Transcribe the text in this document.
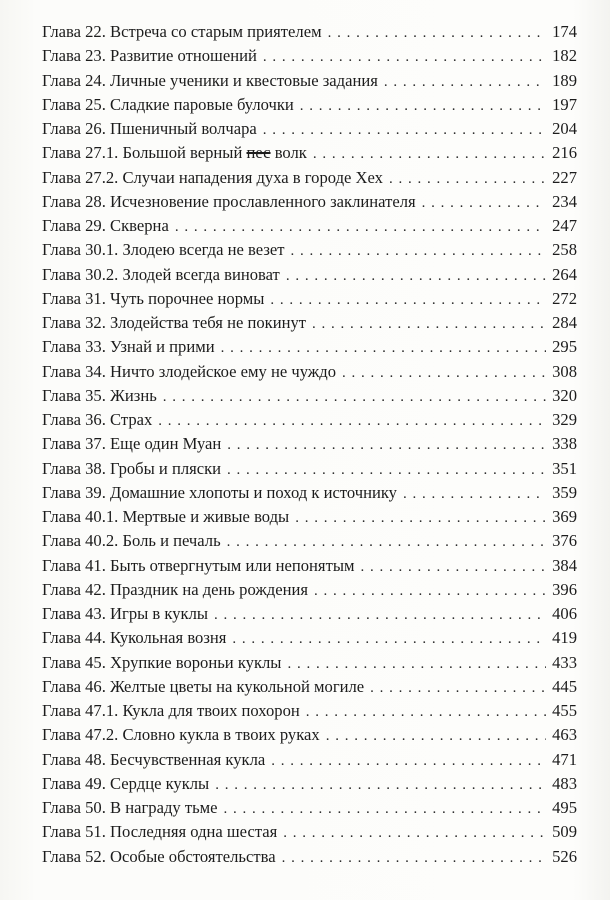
Глава 22. Встреча со старым приятелем . . .	174
Глава 23. Развитие отношений . . .	182
Глава 24. Личные ученики и квестовые задания . . .	189
Глава 25. Сладкие паровые булочки . . .	197
Глава 26. Пшеничный волчара . . .	204
Глава 27.1. Большой верный пес волк . . .	216
Глава 27.2. Случаи нападения духа в городе Хех . . .	227
Глава 28. Исчезновение прославленного заклинателя . . .	234
Глава 29. Скверна . . .	247
Глава 30.1. Злодею всегда не везет . . .	258
Глава 30.2. Злодей всегда виноват . . .	264
Глава 31. Чуть порочнее нормы . . .	272
Глава 32. Злодейства тебя не покинут . . .	284
Глава 33. Узнай и прими . . .	295
Глава 34. Ничто злодейское ему не чуждо . . .	308
Глава 35. Жизнь . . .	320
Глава 36. Страх . . .	329
Глава 37. Еще один Муан . . .	338
Глава 38. Гробы и пляски . . .	351
Глава 39. Домашние хлопоты и поход к источнику . . .	359
Глава 40.1. Мертвые и живые воды . . .	369
Глава 40.2. Боль и печаль . . .	376
Глава 41. Быть отвергнутым или непонятым . . .	384
Глава 42. Праздник на день рождения . . .	396
Глава 43. Игры в куклы . . .	406
Глава 44. Кукольная возня . . .	419
Глава 45. Хрупкие вороньи куклы . . .	433
Глава 46. Желтые цветы на кукольной могиле . . .	445
Глава 47.1. Кукла для твоих похорон . . .	455
Глава 47.2. Словно кукла в твоих руках . . .	463
Глава 48. Бесчувственная кукла . . .	471
Глава 49. Сердце куклы . . .	483
Глава 50. В награду тьме . . .	495
Глава 51. Последняя одна шестая . . .	509
Глава 52. Особые обстоятельства . . .	526
